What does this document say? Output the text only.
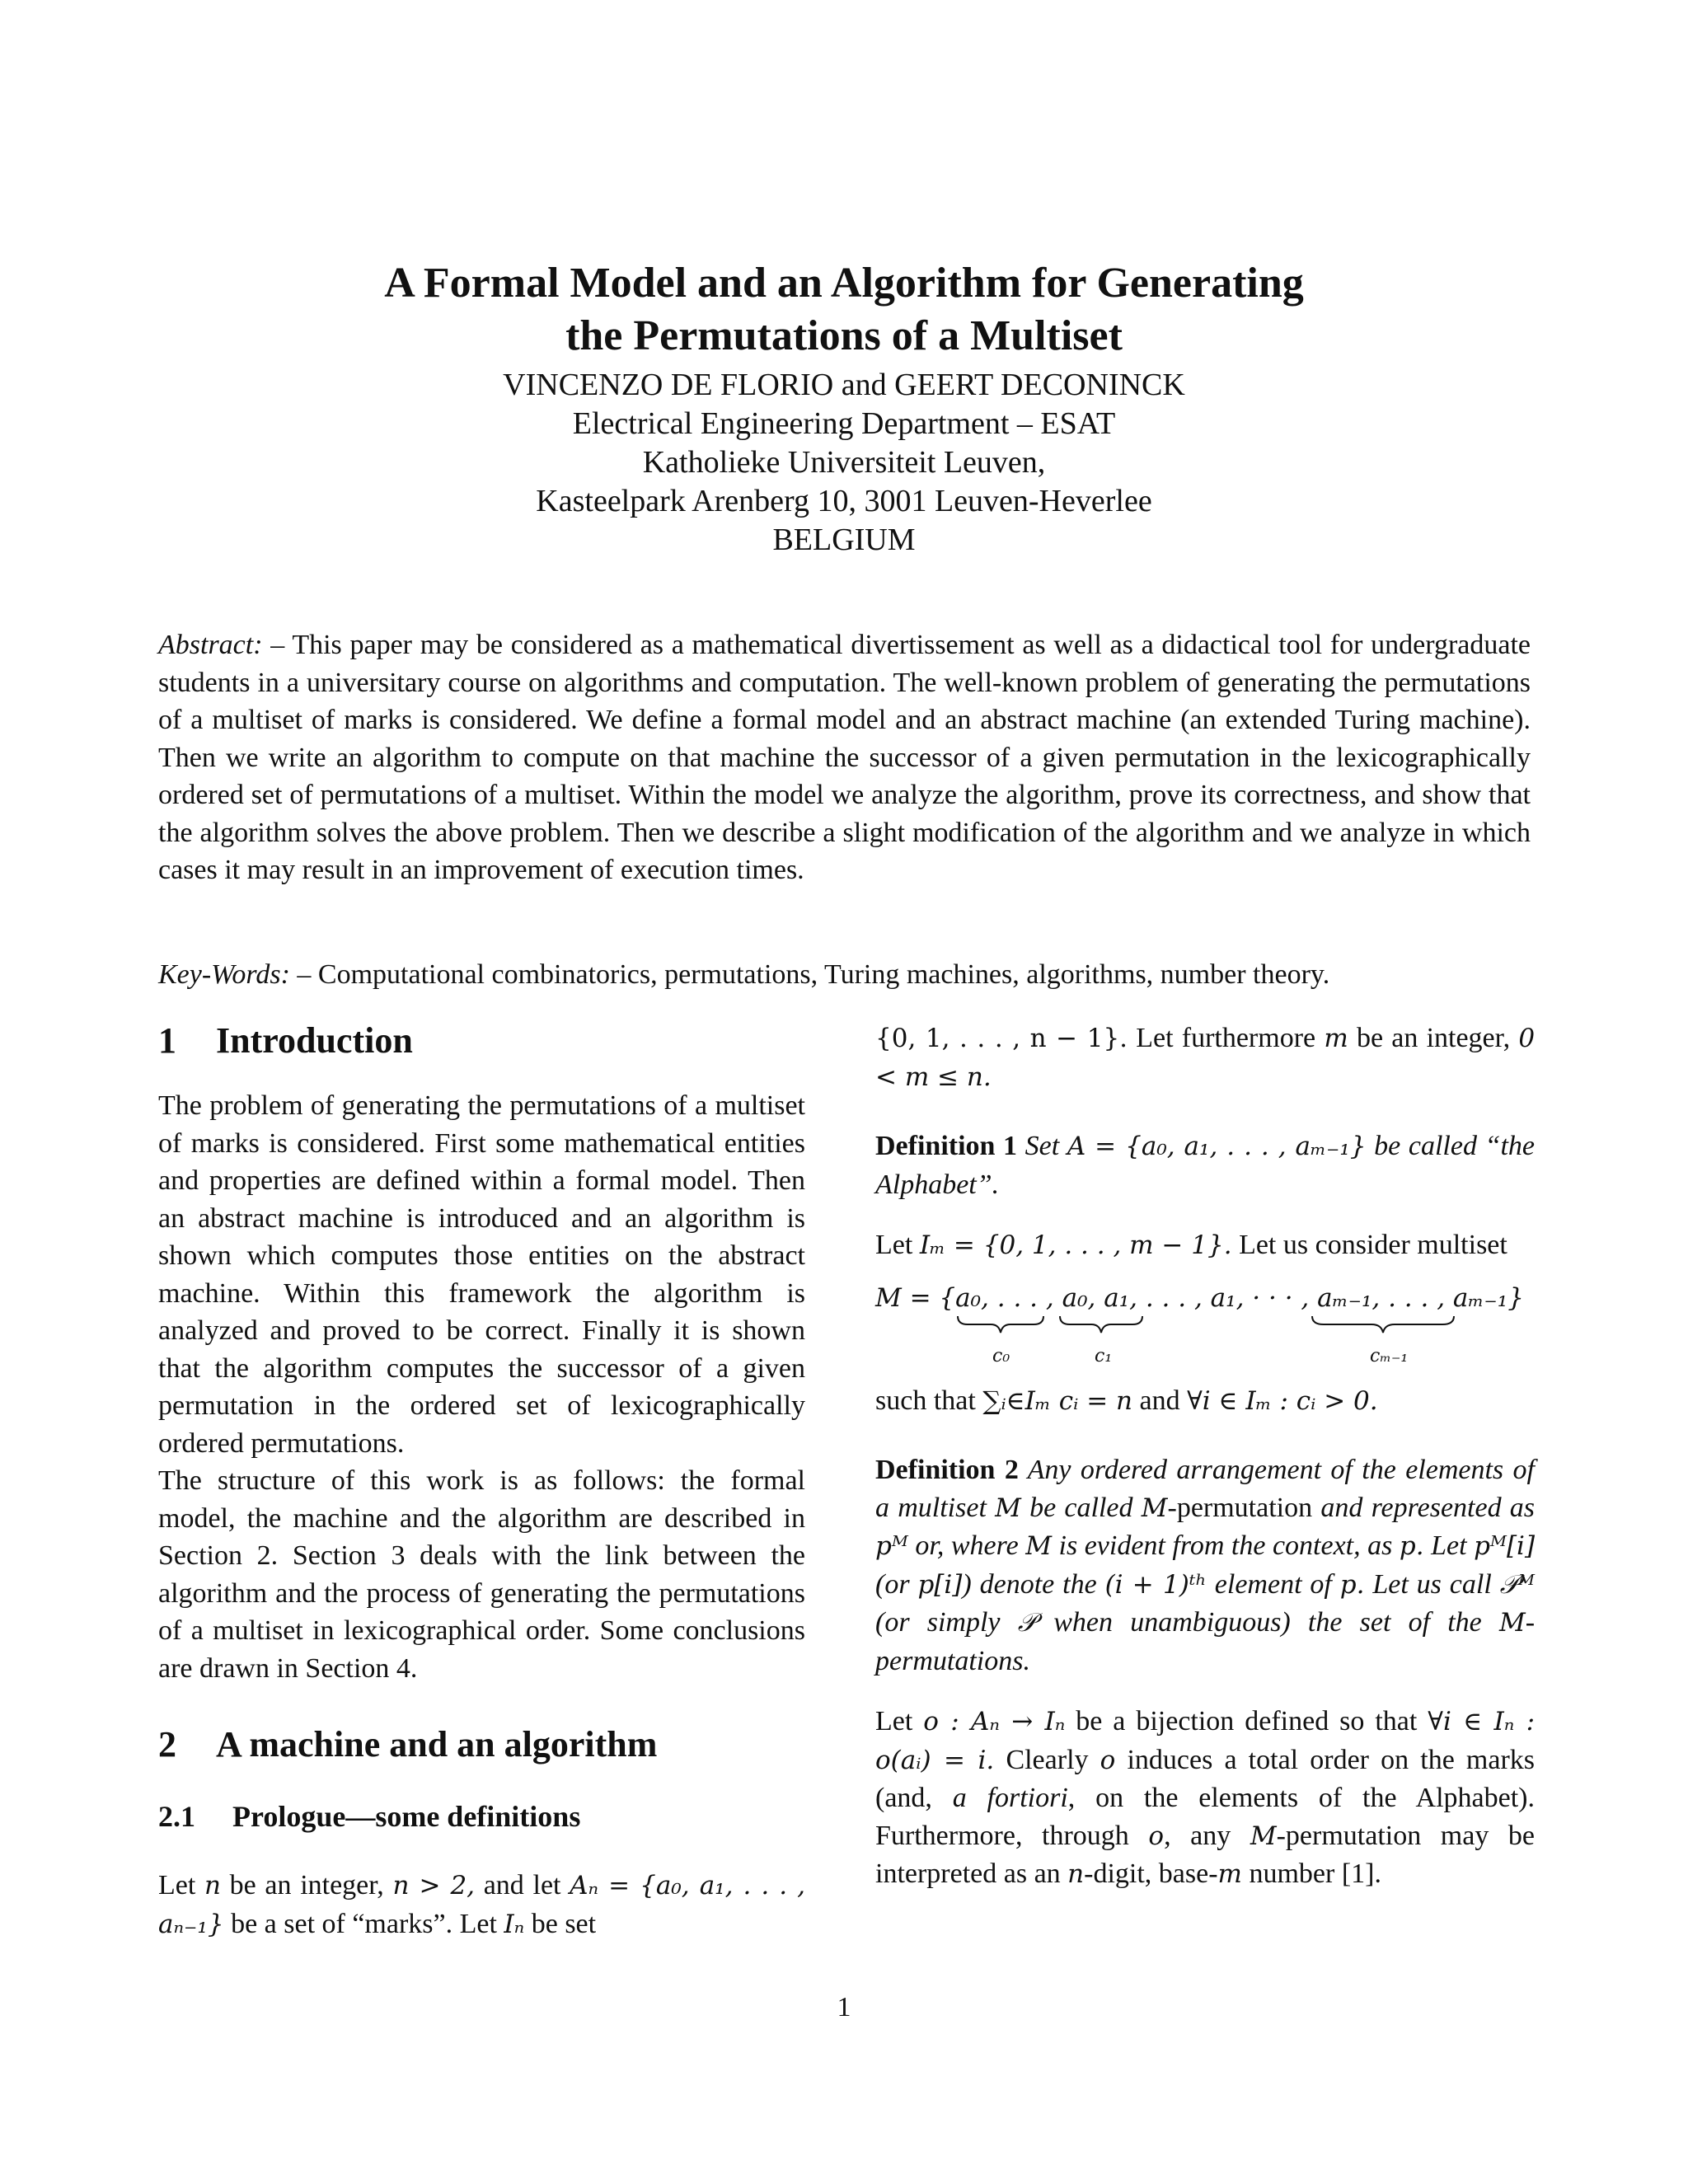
A Formal Model and an Algorithm for Generating
the Permutations of a Multiset
VINCENZO DE FLORIO and GEERT DECONINCK
Electrical Engineering Department – ESAT
Katholieke Universiteit Leuven,
Kasteelpark Arenberg 10, 3001 Leuven-Heverlee
BELGIUM
Abstract: – This paper may be considered as a mathematical divertissement as well as a didactical tool for undergraduate students in a universitary course on algorithms and computation. The well-known problem of generating the permutations of a multiset of marks is considered. We define a formal model and an abstract machine (an extended Turing machine). Then we write an algorithm to compute on that machine the successor of a given permutation in the lexicographically ordered set of permutations of a multiset. Within the model we analyze the algorithm, prove its correctness, and show that the algorithm solves the above problem. Then we describe a slight modification of the algorithm and we analyze in which cases it may result in an improvement of execution times.
Key-Words: – Computational combinatorics, permutations, Turing machines, algorithms, number theory.
1 Introduction

The problem of generating the permutations of a multiset of marks is considered. First some mathematical entities and properties are defined within a formal model. Then an abstract machine is introduced and an algorithm is shown which computes those entities on the abstract machine. Within this framework the algorithm is analyzed and proved to be correct. Finally it is shown that the algorithm computes the successor of a given permutation in the ordered set of lexicographically ordered permutations.

The structure of this work is as follows: the formal model, the machine and the algorithm are described in Section 2. Section 3 deals with the link between the algorithm and the process of generating the permutations of a multiset in lexicographical order. Some conclusions are drawn in Section 4.

2 A machine and an algorithm
2.1 Prologue—some definitions

Let n be an integer, n > 2, and let Aₙ = {a₀, a₁, . . . , aₙ₋₁} be a set of “marks”. Let Iₙ be set

{0, 1, . . . , n − 1}. Let furthermore m be an integer, 0 < m ≤ n.

Definition 1 Set A = {a₀, a₁, . . . , aₘ₋₁} be called “the Alphabet”.

Let Iₘ = {0, 1, . . . , m − 1}. Let us consider multiset

M = {a₀, . . . , a₀, a₁, . . . , a₁, · · · , aₘ₋₁, . . . , aₘ₋₁}
c₀	c₁	cₘ₋₁

such that ∑ᵢ∈Iₘ cᵢ = n and ∀i ∈ Iₘ : cᵢ > 0.

Definition 2 Any ordered arrangement of the elements of a multiset M be called M-permutation and represented as pᴹ or, where M is evident from the context, as p. Let pᴹ[i] (or p[i]) denote the (i + 1)ᵗʰ element of p. Let us call 𝒫ᴹ (or simply 𝒫 when unambiguous) the set of the M-permutations.

Let o : Aₙ → Iₙ be a bijection defined so that ∀i ∈ Iₙ : o(aᵢ) = i. Clearly o induces a total order on the marks (and, a fortiori, on the elements of the Alphabet). Furthermore, through o, any M-permutation may be interpreted as an n-digit, base-m number [1].

1
